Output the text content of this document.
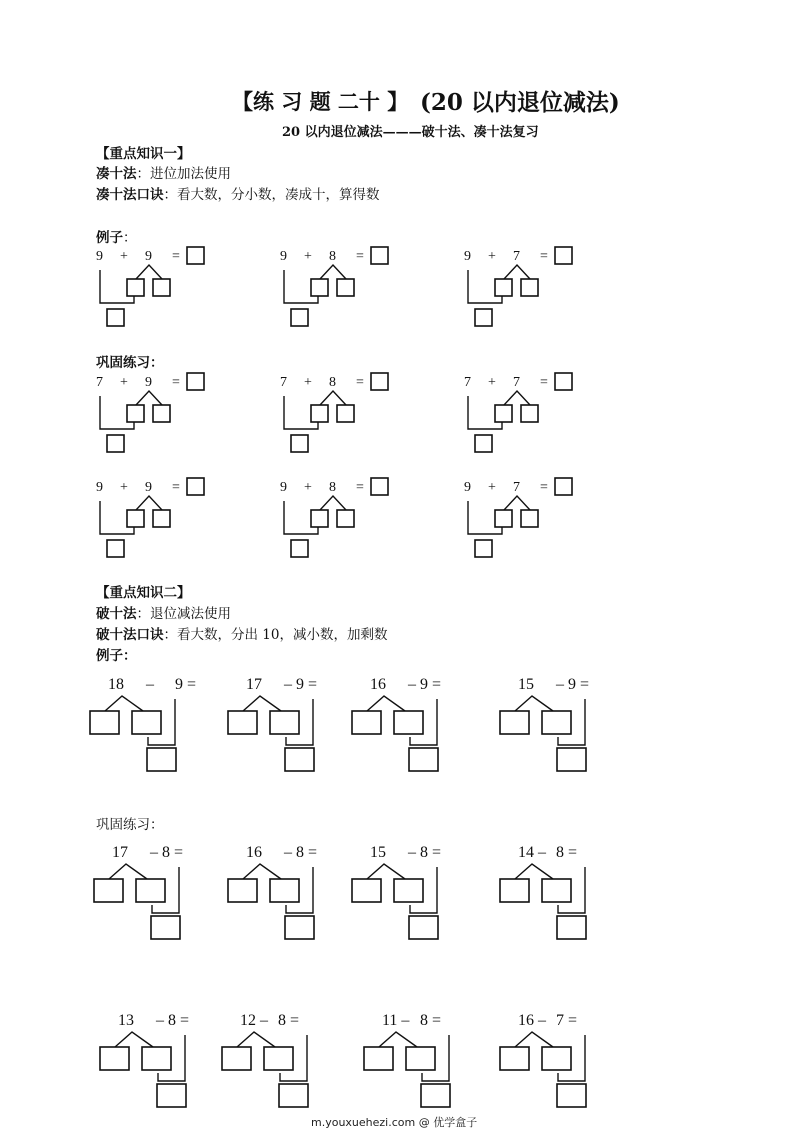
【练 习 题 二十 】 (20 以内退位减法)
20 以内退位减法———破十法、凑十法复习
【重点知识一】
凑十法：进位加法使用
凑十法口诀：看大数，分小数，凑成十，算得数
例子：
巩固练习：
【重点知识二】
破十法：退位减法使用
破十法口诀：看大数，分出 10，减小数，加剩数
例子：
巩固练习：
9 + 9 =	9 + 8 =	9 + 7 =
7 + 9 =	7 + 8 =	7 + 7 =
9 + 9 =	9 + 8 =	9 + 7 =
18 – 9 =	17 – 9 =	16 – 9 =	15 – 9 =
17 – 8 =	16 – 8 =	15 – 8 =	14 – 8 =
13 – 8 =	12 – 8 =	11 – 8 =	16 – 7 =
m.youxuehezi.com @ 优学盒子
